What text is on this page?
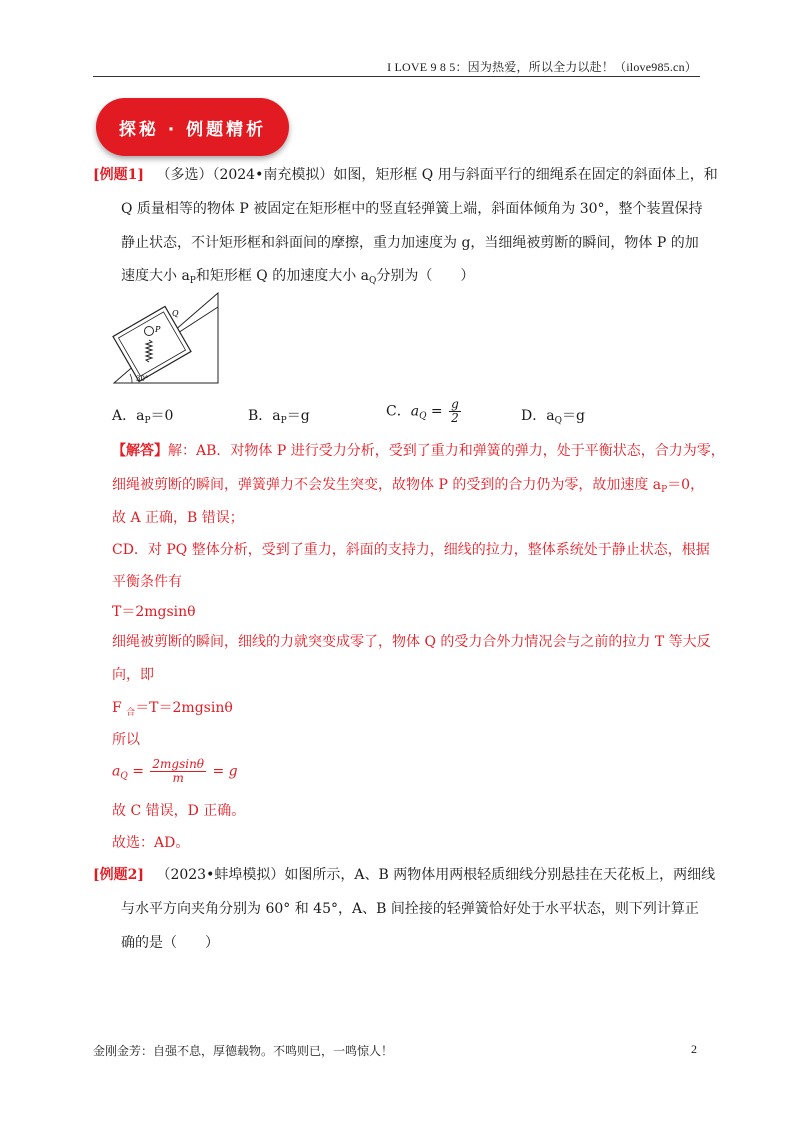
I LOVE 9 8 5：因为热爱，所以全力以赴！（ilove985.cn）
探秘 · 例题精析
[例题1] （多选）（2024•南充模拟）如图，矩形框 Q 用与斜面平行的细绳系在固定的斜面体上，和
Q 质量相等的物体 P 被固定在矩形框中的竖直轻弹簧上端，斜面体倾角为 30°，整个装置保持
静止状态，不计矩形框和斜面间的摩擦，重力加速度为 g，当细绳被剪断的瞬间，物体 P 的加
速度大小 $a_P$和矩形框 Q 的加速度大小 $a_Q$分别为（　　）
P
Q
30°
A．$a_P=0$	B．$a_P=g$	C．$a_Q = \frac{g}{2}$	D．$a_Q=g$
【解答】解：AB．对物体 P 进行受力分析，受到了重力和弹簧的弹力，处于平衡状态，合力为零，
细绳被剪断的瞬间，弹簧弹力不会发生突变，故物体 P 的受到的合力仍为零，故加速度 $a_P=0$，
故 A 正确，B 错误；
CD．对 PQ 整体分析，受到了重力，斜面的支持力，细线的拉力，整体系统处于静止状态，根据
平衡条件有
T＝2mgsinθ
细绳被剪断的瞬间，细线的力就突变成零了，物体 Q 的受力合外力情况会与之前的拉力 T 等大反
向，即
F $_合$＝T＝2mgsinθ
所以
$a_Q = \frac{2mgsin\theta}{m} = g$
故 C 错误，D 正确。
故选：AD。
[例题2] （2023•蚌埠模拟）如图所示，A、B 两物体用两根轻质细线分别悬挂在天花板上，两细线
与水平方向夹角分别为 60° 和 45°，A、B 间拴接的轻弹簧恰好处于水平状态，则下列计算正
确的是（　　）
金刚金芳：自强不息，厚德载物。不鸣则已，一鸣惊人！	2
